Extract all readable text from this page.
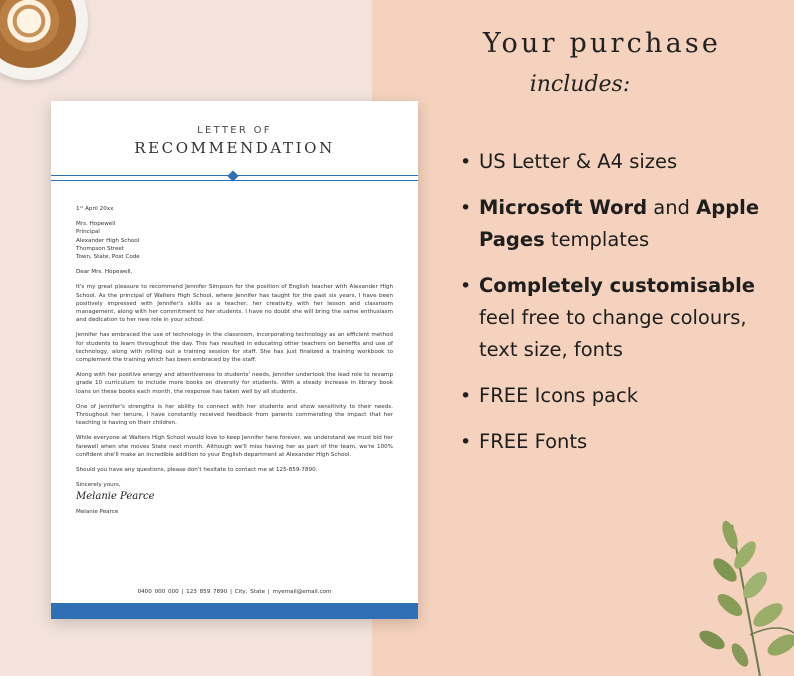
LETTER OF
RECOMMENDATION

1ˢᵗ April 20xx

Mrs. Hopewell
Principal
Alexander High School
Thompson Street
Town, State, Post Code

Dear Mrs. Hopewell,

It's my great pleasure to recommend Jennifer Simpson for the position of English teacher with Alexander High School. As the principal of Walters High School, where Jennifer has taught for the past six years, I have been positively impressed with Jennifer's skills as a teacher, her creativity with her lesson and classroom management, along with her commitment to her students. I have no doubt she will bring the same enthusiasm and dedication to her new role in your school.

Jennifer has embraced the use of technology in the classroom, incorporating technology as an efficient method for students to learn throughout the day. This has resulted in educating other teachers on benefits and use of technology, along with rolling out a training session for staff. She has just finalized a training workbook to complement the training which has been embraced by the staff.

Along with her positive energy and attentiveness to students' needs, Jennifer undertook the lead role to revamp grade 10 curriculum to include more books on diversity for students. With a steady increase in library book loans on these books each month, the response has taken well by all students.

One of Jennifer's strengths is her ability to connect with her students and show sensitivity to their needs. Throughout her tenure, I have constantly received feedback from parents commending the impact that her teaching is having on their children.

While everyone at Walters High School would love to keep Jennifer here forever, we understand we must bid her farewell when she moves State next month. Although we'll miss having her as part of the team, we're 100% confident she'll make an incredible addition to your English department at Alexander High School.

Should you have any questions, please don't hesitate to contact me at 125-859-7890.

Sincerely yours,

Melanie Pearce
Melanie Pearce
0400 000 000 | 123 859 7890 | City, State | myemail@email.com
Your purchase
includes:
• US Letter & A4 sizes
• Microsoft Word and Apple
Pages templates
• Completely customisable
feel free to change colours,
text size, fonts
• FREE Icons pack
• FREE Fonts
